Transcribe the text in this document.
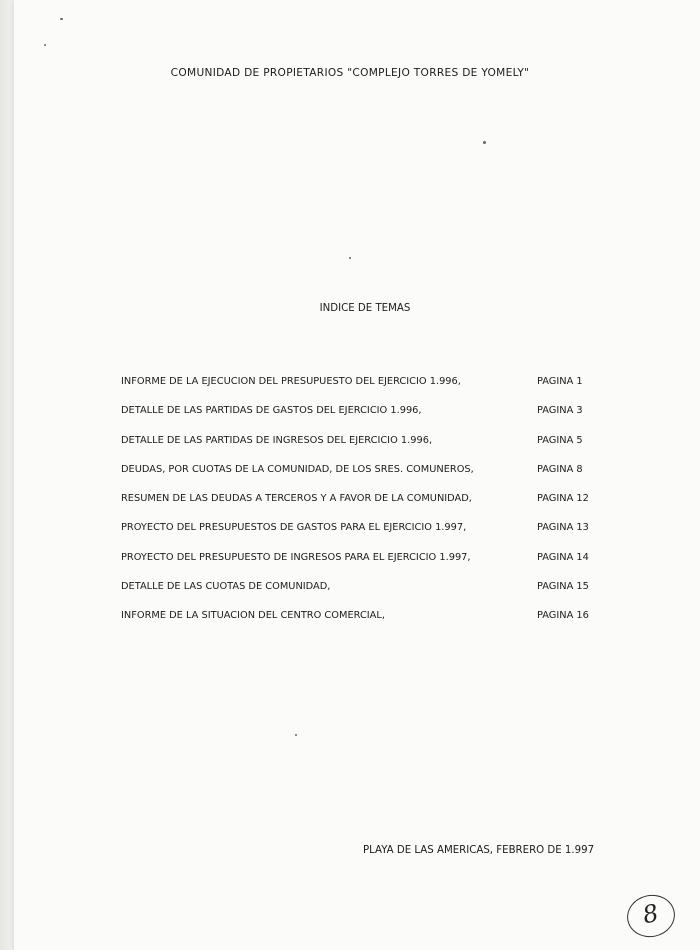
COMUNIDAD DE PROPIETARIOS "COMPLEJO TORRES DE YOMELY"
INDICE DE TEMAS
INFORME DE LA EJECUCION DEL PRESUPUESTO DEL EJERCICIO 1.996,	PAGINA 1
DETALLE DE LAS PARTIDAS DE GASTOS DEL EJERCICIO 1.996,	PAGINA 3
DETALLE DE LAS PARTIDAS DE INGRESOS DEL EJERCICIO 1.996,	PAGINA 5
DEUDAS, POR CUOTAS DE LA COMUNIDAD, DE LOS SRES. COMUNEROS,	PAGINA 8
RESUMEN DE LAS DEUDAS A TERCEROS Y A FAVOR DE LA COMUNIDAD,	PAGINA 12
PROYECTO DEL PRESUPUESTOS DE GASTOS PARA EL EJERCICIO 1.997,	PAGINA 13
PROYECTO DEL PRESUPUESTO DE INGRESOS PARA EL EJERCICIO 1.997,	PAGINA 14
DETALLE DE LAS CUOTAS DE COMUNIDAD,	PAGINA 15
INFORME DE LA SITUACION DEL CENTRO COMERCIAL,	PAGINA 16
PLAYA DE LAS AMERICAS, FEBRERO DE 1.997
8
